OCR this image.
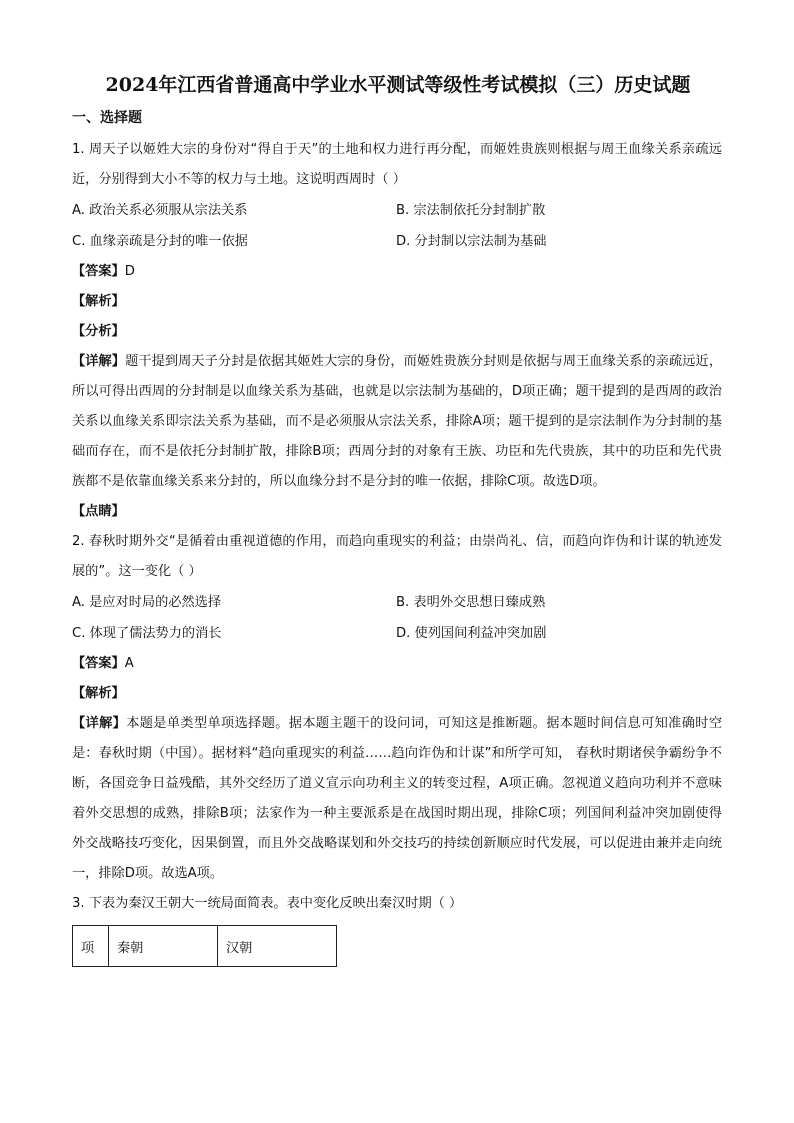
2024年江西省普通高中学业水平测试等级性考试模拟（三）历史试题
一、选择题

1. 周天子以姬姓大宗的身份对“得自于天”的土地和权力进行再分配，而姬姓贵族则根据与周王血缘关系亲疏远近，分别得到大小不等的权力与土地。这说明西周时（ ）

A. 政治关系必须服从宗法关系	B. 宗法制依托分封制扩散
C. 血缘亲疏是分封的唯一依据	D. 分封制以宗法制为基础

【答案】D

【解析】

【分析】

【详解】题干提到周天子分封是依据其姬姓大宗的身份，而姬姓贵族分封则是依据与周王血缘关系的亲疏远近，所以可得出西周的分封制是以血缘关系为基础，也就是以宗法制为基础的，D项正确；题干提到的是西周的政治关系以血缘关系即宗法关系为基础，而不是必须服从宗法关系，排除A项；题干提到的是宗法制作为分封制的基础而存在，而不是依托分封制扩散，排除B项；西周分封的对象有王族、功臣和先代贵族，其中的功臣和先代贵族都不是依靠血缘关系来分封的，所以血缘分封不是分封的唯一依据，排除C项。故选D项。

【点睛】

2. 春秋时期外交“是循着由重视道德的作用，而趋向重现实的利益；由崇尚礼、信，而趋向诈伪和计谋的轨迹发展的”。这一变化（ ）

A. 是应对时局的必然选择	B. 表明外交思想日臻成熟
C. 体现了儒法势力的消长	D. 使列国间利益冲突加剧

【答案】A

【解析】

【详解】本题是单类型单项选择题。据本题主题干的设问词，可知这是推断题。据本题时间信息可知准确时空是：春秋时期（中国）。据材料“趋向重现实的利益……趋向诈伪和计谋”和所学可知， 春秋时期诸侯争霸纷争不断，各国竞争日益残酷，其外交经历了道义宣示向功利主义的转变过程，A项正确。忽视道义趋向功利并不意味着外交思想的成熟，排除B项；法家作为一种主要派系是在战国时期出现，排除C项；列国间利益冲突加剧使得外交战略技巧变化，因果倒置，而且外交战略谋划和外交技巧的持续创新顺应时代发展，可以促进由兼并走向统一，排除D项。故选A项。

3. 下表为秦汉王朝大一统局面简表。表中变化反映出秦汉时期（ ）

项	秦朝	汉朝
